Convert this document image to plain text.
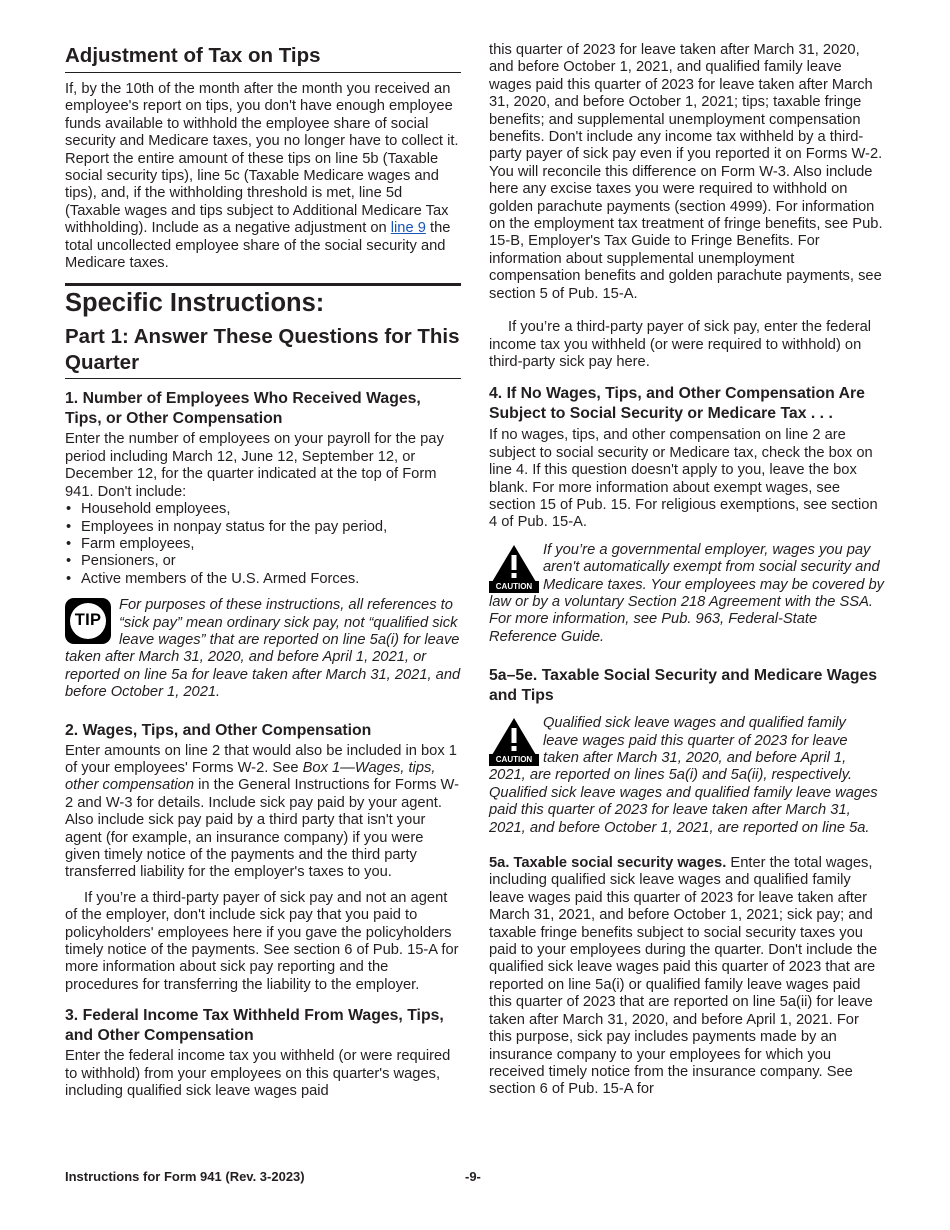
Adjustment of Tax on Tips

If, by the 10th of the month after the month you received an employee's report on tips, you don't have enough employee funds available to withhold the employee share of social security and Medicare taxes, you no longer have to collect it. Report the entire amount of these tips on line 5b (Taxable social security tips), line 5c (Taxable Medicare wages and tips), and, if the withholding threshold is met, line 5d (Taxable wages and tips subject to Additional Medicare Tax withholding). Include as a negative adjustment on line 9 the total uncollected employee share of the social security and Medicare taxes.

Specific Instructions:
Part 1: Answer These Questions for This Quarter
1. Number of Employees Who Received Wages, Tips, or Other Compensation

Enter the number of employees on your payroll for the pay period including March 12, June 12, September 12, or December 12, for the quarter indicated at the top of Form 941. Don't include:

• Household employees,
• Employees in nonpay status for the pay period,
• Farm employees,
• Pensioners, or
• Active members of the U.S. Armed Forces.
TIP
For purposes of these instructions, all references to “sick pay” mean ordinary sick pay, not “qualified sick leave wages” that are reported on line 5a(i) for leave taken after March 31, 2020, and before April 1, 2021, or reported on line 5a for leave taken after March 31, 2021, and before October 1, 2021.
2. Wages, Tips, and Other Compensation

Enter amounts on line 2 that would also be included in box 1 of your employees' Forms W-2. See Box 1—Wages, tips, other compensation in the General Instructions for Forms W-2 and W-3 for details. Include sick pay paid by your agent. Also include sick pay paid by a third party that isn't your agent (for example, an insurance company) if you were given timely notice of the payments and the third party transferred liability for the employer's taxes to you.

If you’re a third-party payer of sick pay and not an agent of the employer, don't include sick pay that you paid to policyholders' employees here if you gave the policyholders timely notice of the payments. See section 6 of Pub. 15-A for more information about sick pay reporting and the procedures for transferring the liability to the employer.

3. Federal Income Tax Withheld From Wages, Tips, and Other Compensation

Enter the federal income tax you withheld (or were required to withhold) from your employees on this quarter's wages, including qualified sick leave wages paid

this quarter of 2023 for leave taken after March 31, 2020, and before October 1, 2021, and qualified family leave wages paid this quarter of 2023 for leave taken after March 31, 2020, and before October 1, 2021; tips; taxable fringe benefits; and supplemental unemployment compensation benefits. Don't include any income tax withheld by a third-party payer of sick pay even if you reported it on Forms W-2. You will reconcile this difference on Form W-3. Also include here any excise taxes you were required to withhold on golden parachute payments (section 4999). For information on the employment tax treatment of fringe benefits, see Pub. 15-B, Employer's Tax Guide to Fringe Benefits. For information about supplemental unemployment compensation benefits and golden parachute payments, see section 5 of Pub. 15-A.

If you’re a third-party payer of sick pay, enter the federal income tax you withheld (or were required to withhold) on third-party sick pay here.

4. If No Wages, Tips, and Other Compensation Are Subject to Social Security or Medicare Tax . . .

If no wages, tips, and other compensation on line 2 are subject to social security or Medicare tax, check the box on line 4. If this question doesn't apply to you, leave the box blank. For more information about exempt wages, see section 15 of Pub. 15. For religious exemptions, see section 4 of Pub. 15-A.

CAUTION
If you’re a governmental employer, wages you pay aren't automatically exempt from social security and Medicare taxes. Your employees may be covered by law or by a voluntary Section 218 Agreement with the SSA. For more information, see Pub. 963, Federal-State Reference Guide.
5a–5e. Taxable Social Security and Medicare Wages and Tips
CAUTION
Qualified sick leave wages and qualified family leave wages paid this quarter of 2023 for leave taken after March 31, 2020, and before April 1, 2021, are reported on lines 5a(i) and 5a(ii), respectively. Qualified sick leave wages and qualified family leave wages paid this quarter of 2023 for leave taken after March 31, 2021, and before October 1, 2021, are reported on line 5a.

5a. Taxable social security wages. Enter the total wages, including qualified sick leave wages and qualified family leave wages paid this quarter of 2023 for leave taken after March 31, 2021, and before October 1, 2021; sick pay; and taxable fringe benefits subject to social security taxes you paid to your employees during the quarter. Don't include the qualified sick leave wages paid this quarter of 2023 that are reported on line 5a(i) or qualified family leave wages paid this quarter of 2023 that are reported on line 5a(ii) for leave taken after March 31, 2020, and before April 1, 2021. For this purpose, sick pay includes payments made by an insurance company to your employees for which you received timely notice from the insurance company. See section 6 of Pub. 15-A for

Instructions for Form 941 (Rev. 3-2023)	-9-
